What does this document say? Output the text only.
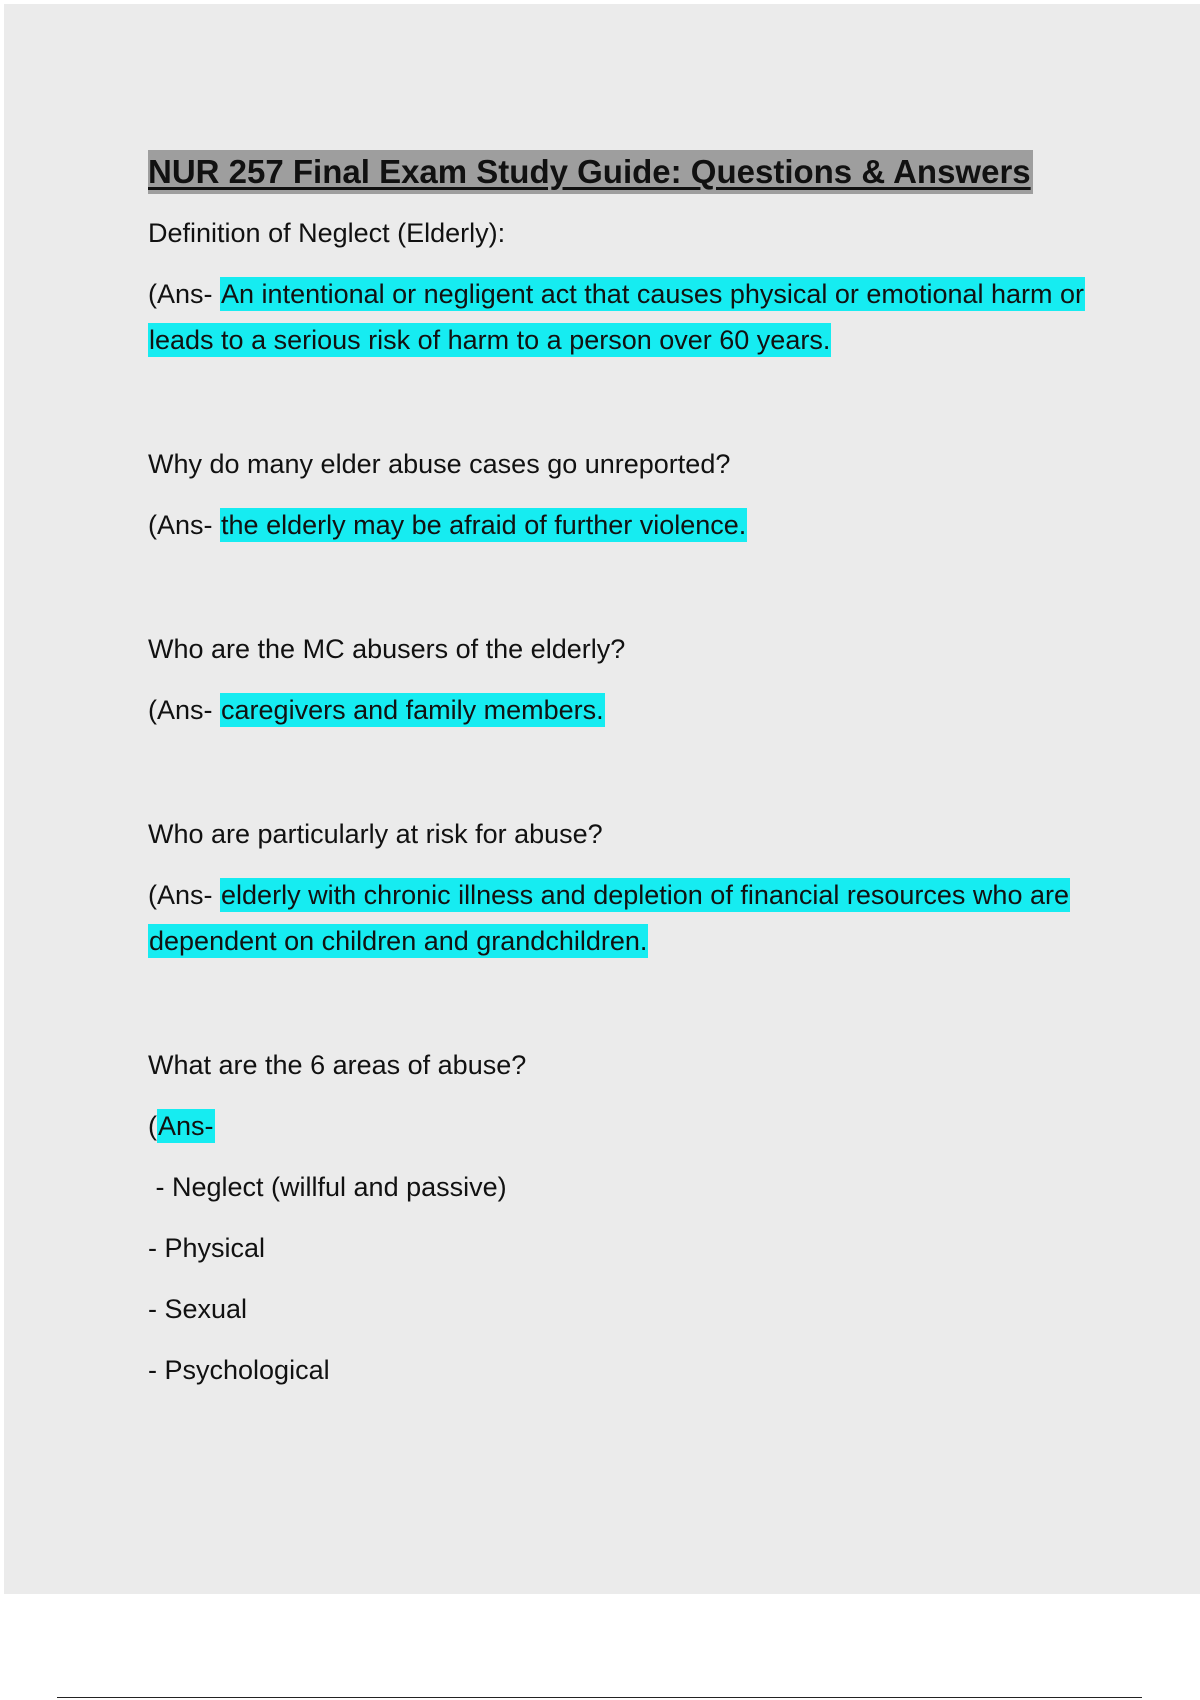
NUR 257 Final Exam Study Guide: Questions & Answers

Definition of Neglect (Elderly):

(Ans- An intentional or negligent act that causes physical or emotional harm or leads to a serious risk of harm to a person over 60 years.

Why do many elder abuse cases go unreported?

(Ans- the elderly may be afraid of further violence.

Who are the MC abusers of the elderly?

(Ans- caregivers and family members.

Who are particularly at risk for abuse?

(Ans- elderly with chronic illness and depletion of financial resources who are dependent on children and grandchildren.

What are the 6 areas of abuse?

(Ans-

- Neglect (willful and passive)

- Physical

- Sexual

- Psychological
